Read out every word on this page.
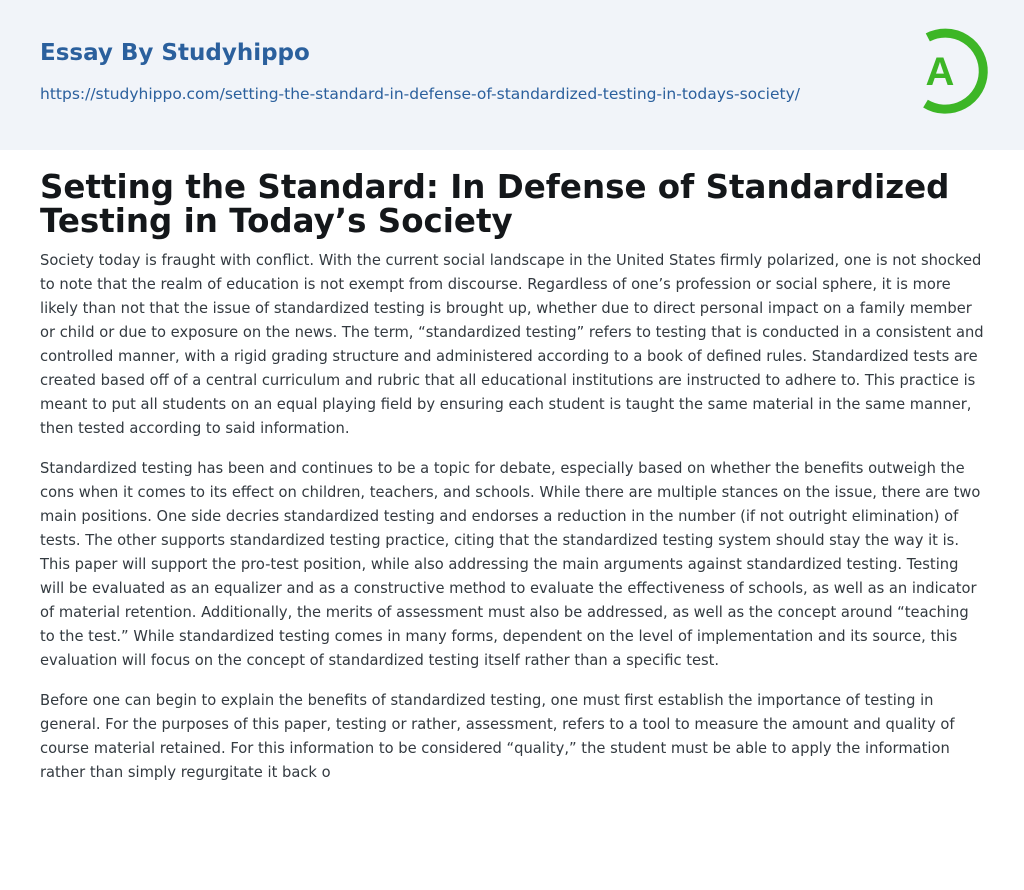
Essay By Studyhippo
https://studyhippo.com/setting-the-standard-in-defense-of-standardized-testing-in-todays-society/	A
Setting the Standard: In Defense of Standardized Testing in Today’s Society

Society today is fraught with conflict. With the current social landscape in the United States firmly polarized, one is not shocked to note that the realm of education is not exempt from discourse. Regardless of one’s profession or social sphere, it is more likely than not that the issue of standardized testing is brought up, whether due to direct personal impact on a family member or child or due to exposure on the news. The term, “standardized testing” refers to testing that is conducted in a consistent and controlled manner, with a rigid grading structure and administered according to a book of defined rules. Standardized tests are created based off of a central curriculum and rubric that all educational institutions are instructed to adhere to. This practice is meant to put all students on an equal playing field by ensuring each student is taught the same material in the same manner, then tested according to said information.

Standardized testing has been and continues to be a topic for debate, especially based on whether the benefits outweigh the cons when it comes to its effect on children, teachers, and schools. While there are multiple stances on the issue, there are two main positions. One side decries standardized testing and endorses a reduction in the number (if not outright elimination) of tests. The other supports standardized testing practice, citing that the standardized testing system should stay the way it is. This paper will support the pro-test position, while also addressing the main arguments against standardized testing. Testing will be evaluated as an equalizer and as a constructive method to evaluate the effectiveness of schools, as well as an indicator of material retention. Additionally, the merits of assessment must also be addressed, as well as the concept around “teaching to the test.” While standardized testing comes in many forms, dependent on the level of implementation and its source, this evaluation will focus on the concept of standardized testing itself rather than a specific test.

Before one can begin to explain the benefits of standardized testing, one must first establish the importance of testing in general. For the purposes of this paper, testing or rather, assessment, refers to a tool to measure the amount and quality of course material retained. For this information to be considered “quality,” the student must be able to apply the information rather than simply regurgitate it back o
